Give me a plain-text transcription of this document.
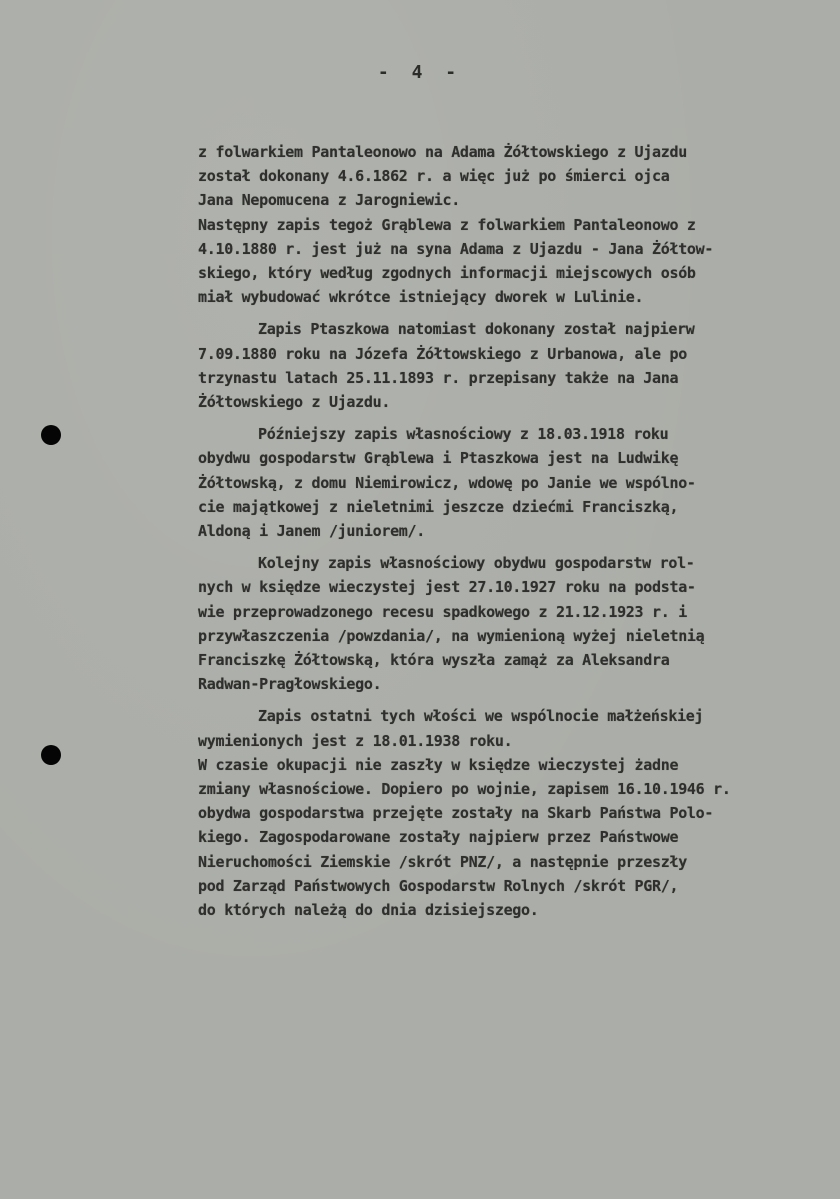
- 4 -
z folwarkiem Pantaleonowo na Adama Żółtowskiego z Ujazdu
został dokonany 4.6.1862 r. a więc już po śmierci ojca
Jana Nepomucena z Jarogniewic.
Następny zapis tegoż Grąblewa z folwarkiem Pantaleonowo z
4.10.1880 r. jest już na syna Adama z Ujazdu - Jana Żółtow-
skiego, który według zgodnych informacji miejscowych osób
miał wybudować wkrótce istniejący dworek w Lulinie.
Zapis Ptaszkowa natomiast dokonany został najpierw
7.09.1880 roku na Józefa Żółtowskiego z Urbanowa, ale po
trzynastu latach 25.11.1893 r. przepisany także na Jana
Żółtowskiego z Ujazdu.
Późniejszy zapis własnościowy z 18.03.1918 roku
obydwu gospodarstw Grąblewa i Ptaszkowa jest na Ludwikę
Żółtowską, z domu Niemirowicz, wdowę po Janie we wspólno-
cie majątkowej z nieletnimi jeszcze dziećmi Franciszką,
Aldoną i Janem /juniorem/.
Kolejny zapis własnościowy obydwu gospodarstw rol-
nych w księdze wieczystej jest 27.10.1927 roku na podsta-
wie przeprowadzonego recesu spadkowego z 21.12.1923 r. i
przywłaszczenia /powzdania/, na wymienioną wyżej nieletnią
Franciszkę Żółtowską, która wyszła zamąż za Aleksandra
Radwan-Pragłowskiego.
Zapis ostatni tych włości we wspólnocie małżeńskiej
wymienionych jest z 18.01.1938 roku.
W czasie okupacji nie zaszły w księdze wieczystej żadne
zmiany własnościowe. Dopiero po wojnie, zapisem 16.10.1946 r.
obydwa gospodarstwa przejęte zostały na Skarb Państwa Polo-
kiego. Zagospodarowane zostały najpierw przez Państwowe
Nieruchomości Ziemskie /skrót PNZ/, a następnie przeszły
pod Zarząd Państwowych Gospodarstw Rolnych /skrót PGR/,
do których należą do dnia dzisiejszego.
